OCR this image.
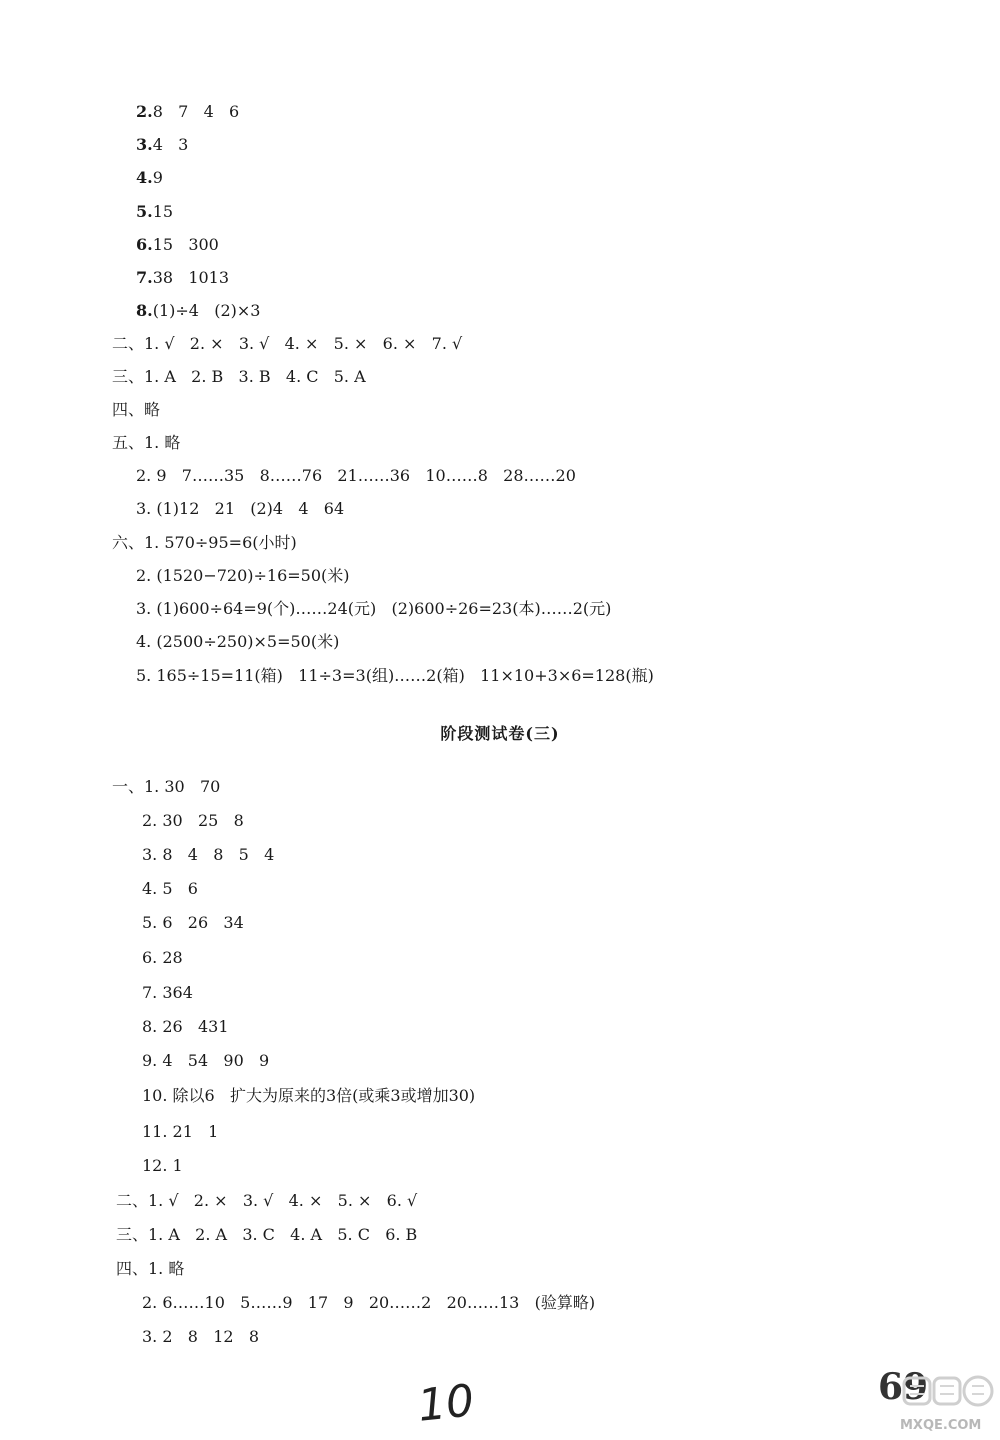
2.8   7   4   6
3.4   3
4.9
5.15
6.15   300
7.38   1013
8.(1)÷4   (2)×3
二、1. √   2. ×   3. √   4. ×   5. ×   6. ×   7. √
三、1. A   2. B   3. B   4. C   5. A
四、略
五、1. 略
2. 9   7……35   8……76   21……36   10……8   28……20
3. (1)12   21   (2)4   4   64
六、1. 570÷95=6(小时)
2. (1520−720)÷16=50(米)
3. (1)600÷64=9(个)……24(元)   (2)600÷26=23(本)……2(元)
4. (2500÷250)×5=50(米)
5. 165÷15=11(箱)   11÷3=3(组)……2(箱)   11×10+3×6=128(瓶)
阶段测试卷(三)
一、1. 30   70
2. 30   25   8
3. 8   4   8   5   4
4. 5   6
5. 6   26   34
6. 28
7. 364
8. 26   431
9. 4   54   90   9
10. 除以6   扩大为原来的3倍(或乘3或增加30)
11. 21   1
12. 1
二、1. √   2. ×   3. √   4. ×   5. ×   6. √
三、1. A   2. A   3. C   4. A   5. C   6. B
四、1. 略
2. 6……10   5……9   17   9   20……2   20……13   (验算略)
3. 2   8   12   8
10	69
MXQE.COM
